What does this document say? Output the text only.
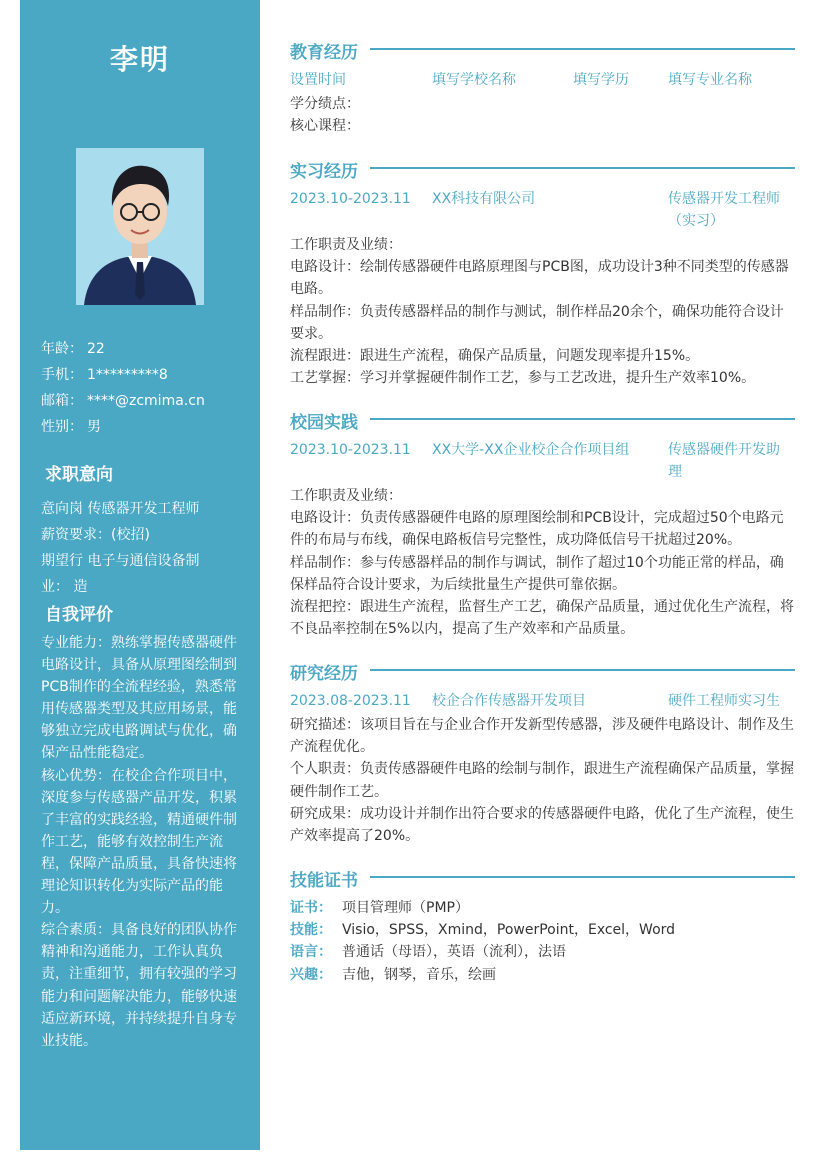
李明
年龄： 22
手机： 1*********8
邮箱： ****@zcmima.cn
性别： 男
求职意向
意向岗 传感器开发工程师
薪资要求：(校招)
期望行 电子与通信设备制
业： 造
自我评价
专业能力：熟练掌握传感器硬件电路设计，具备从原理图绘制到PCB制作的全流程经验，熟悉常用传感器类型及其应用场景，能够独立完成电路调试与优化，确保产品性能稳定。
核心优势：在校企合作项目中，深度参与传感器产品开发，积累了丰富的实践经验，精通硬件制作工艺，能够有效控制生产流程，保障产品质量，具备快速将理论知识转化为实际产品的能力。
综合素质：具备良好的团队协作精神和沟通能力，工作认真负责，注重细节，拥有较强的学习能力和问题解决能力，能够快速适应新环境，并持续提升自身专业技能。
教育经历
设置时间	填写学校名称	填写学历	填写专业名称
学分绩点：
核心课程：
实习经历
2023.10-2023.11 XX科技有限公司	传感器开发工程师（实习）
工作职责及业绩：
电路设计：绘制传感器硬件电路原理图与PCB图，成功设计3种不同类型的传感器电路。
样品制作：负责传感器样品的制作与测试，制作样品20余个，确保功能符合设计要求。
流程跟进：跟进生产流程，确保产品质量，问题发现率提升15%。
工艺掌握：学习并掌握硬件制作工艺，参与工艺改进，提升生产效率10%。
校园实践
2023.10-2023.11 XX大学-XX企业校企合作项目组	传感器硬件开发助理
工作职责及业绩：
电路设计：负责传感器硬件电路的原理图绘制和PCB设计，完成超过50个电路元件的布局与布线，确保电路板信号完整性，成功降低信号干扰超过20%。
样品制作：参与传感器样品的制作与调试，制作了超过10个功能正常的样品，确保样品符合设计要求，为后续批量生产提供可靠依据。
流程把控：跟进生产流程，监督生产工艺，确保产品质量，通过优化生产流程，将不良品率控制在5%以内，提高了生产效率和产品质量。
研究经历
2023.08-2023.11 校企合作传感器开发项目	硬件工程师实习生
研究描述：该项目旨在与企业合作开发新型传感器，涉及硬件电路设计、制作及生产流程优化。
个人职责：负责传感器硬件电路的绘制与制作，跟进生产流程确保产品质量，掌握硬件制作工艺。
研究成果：成功设计并制作出符合要求的传感器硬件电路，优化了生产流程，使生产效率提高了20%。
技能证书
证书： 项目管理师（PMP）
技能： Visio，SPSS，Xmind，PowerPoint，Excel，Word
语言： 普通话（母语），英语（流利），法语
兴趣： 吉他，钢琴，音乐，绘画
